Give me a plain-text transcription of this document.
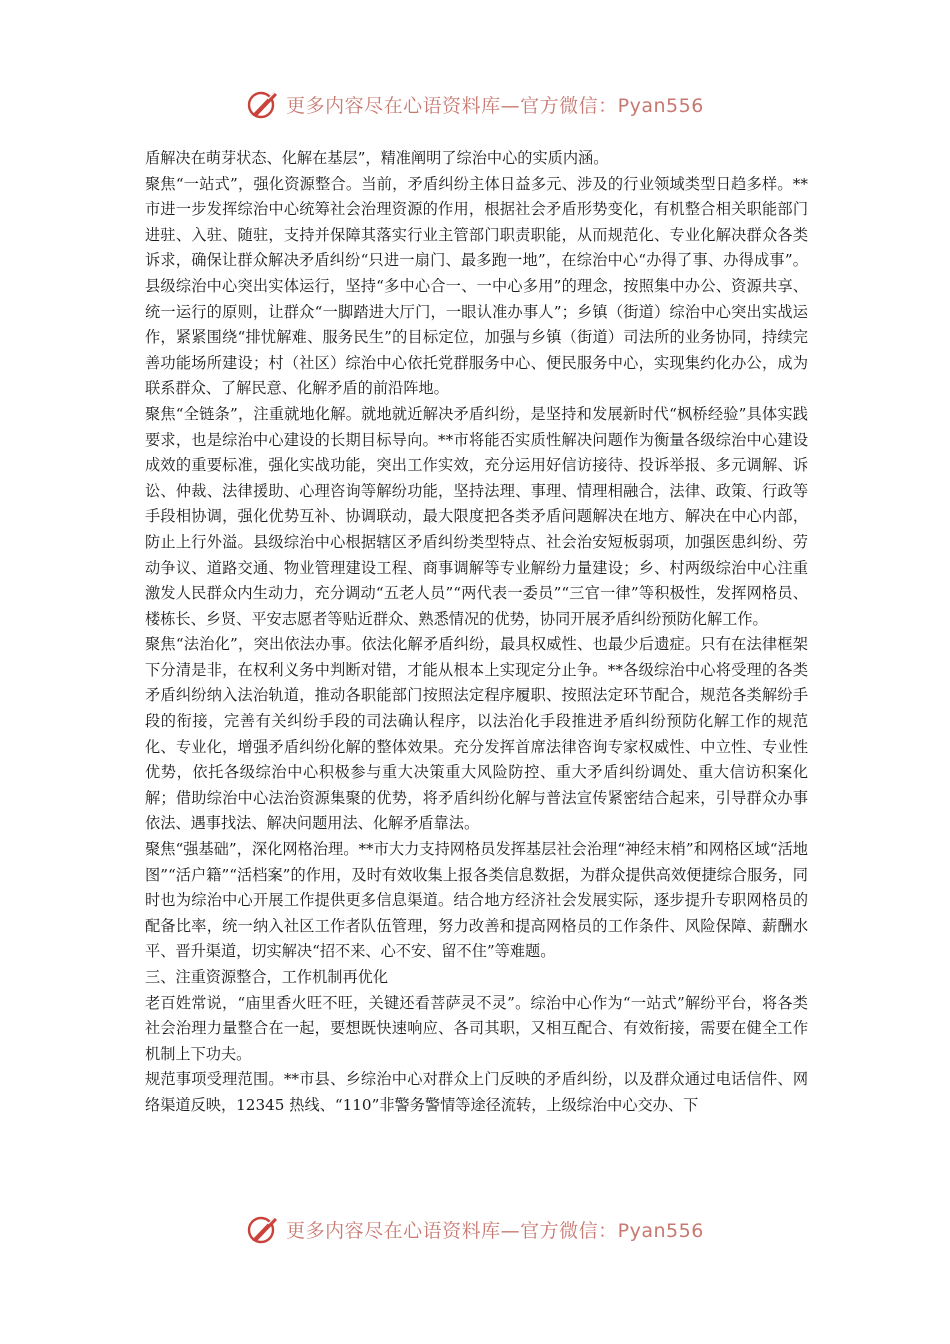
更多内容尽在心语资料库—官方微信：Pyan556

盾解决在萌芽状态、化解在基层”，精准阐明了综治中心的实质内涵。

聚焦“一站式”，强化资源整合。当前，矛盾纠纷主体日益多元、涉及的行业领域类型日趋多样。**市进一步发挥综治中心统筹社会治理资源的作用，根据社会矛盾形势变化，有机整合相关职能部门进驻、入驻、随驻，支持并保障其落实行业主管部门职责职能，从而规范化、专业化解决群众各类诉求，确保让群众解决矛盾纠纷“只进一扇门、最多跑一地”，在综治中心“办得了事、办得成事”。县级综治中心突出实体运行，坚持“多中心合一、一中心多用”的理念，按照集中办公、资源共享、统一运行的原则，让群众“一脚踏进大厅门，一眼认准办事人”；乡镇（街道）综治中心突出实战运作，紧紧围绕“排忧解难、服务民生”的目标定位，加强与乡镇（街道）司法所的业务协同，持续完善功能场所建设；村（社区）综治中心依托党群服务中心、便民服务中心，实现集约化办公，成为联系群众、了解民意、化解矛盾的前沿阵地。

聚焦“全链条”，注重就地化解。就地就近解决矛盾纠纷，是坚持和发展新时代“枫桥经验”具体实践要求，也是综治中心建设的长期目标导向。**市将能否实质性解决问题作为衡量各级综治中心建设成效的重要标准，强化实战功能，突出工作实效，充分运用好信访接待、投诉举报、多元调解、诉讼、仲裁、法律援助、心理咨询等解纷功能，坚持法理、事理、情理相融合，法律、政策、行政等手段相协调，强化优势互补、协调联动，最大限度把各类矛盾问题解决在地方、解决在中心内部，防止上行外溢。县级综治中心根据辖区矛盾纠纷类型特点、社会治安短板弱项，加强医患纠纷、劳动争议、道路交通、物业管理建设工程、商事调解等专业解纷力量建设；乡、村两级综治中心注重激发人民群众内生动力，充分调动“五老人员”“两代表一委员”“三官一律”等积极性，发挥网格员、楼栋长、乡贤、平安志愿者等贴近群众、熟悉情况的优势，协同开展矛盾纠纷预防化解工作。

聚焦“法治化”，突出依法办事。依法化解矛盾纠纷，最具权威性、也最少后遗症。只有在法律框架下分清是非，在权利义务中判断对错，才能从根本上实现定分止争。**各级综治中心将受理的各类矛盾纠纷纳入法治轨道，推动各职能部门按照法定程序履职、按照法定环节配合，规范各类解纷手段的衔接，完善有关纠纷手段的司法确认程序，以法治化手段推进矛盾纠纷预防化解工作的规范化、专业化，增强矛盾纠纷化解的整体效果。充分发挥首席法律咨询专家权威性、中立性、专业性优势，依托各级综治中心积极参与重大决策重大风险防控、重大矛盾纠纷调处、重大信访积案化解；借助综治中心法治资源集聚的优势，将矛盾纠纷化解与普法宣传紧密结合起来，引导群众办事依法、遇事找法、解决问题用法、化解矛盾靠法。

聚焦“强基础”，深化网格治理。**市大力支持网格员发挥基层社会治理“神经末梢”和网格区域“活地图”“活户籍”“活档案”的作用，及时有效收集上报各类信息数据，为群众提供高效便捷综合服务，同时也为综治中心开展工作提供更多信息渠道。结合地方经济社会发展实际，逐步提升专职网格员的配备比率，统一纳入社区工作者队伍管理，努力改善和提高网格员的工作条件、风险保障、薪酬水平、晋升渠道，切实解决“招不来、心不安、留不住”等难题。

三、注重资源整合，工作机制再优化

老百姓常说，“庙里香火旺不旺，关键还看菩萨灵不灵”。综治中心作为“一站式”解纷平台，将各类社会治理力量整合在一起，要想既快速响应、各司其职，又相互配合、有效衔接，需要在健全工作机制上下功夫。

规范事项受理范围。**市县、乡综治中心对群众上门反映的矛盾纠纷，以及群众通过电话信件、网络渠道反映，12345 热线、“110”非警务警情等途径流转，上级综治中心交办、下

更多内容尽在心语资料库—官方微信：Pyan556
